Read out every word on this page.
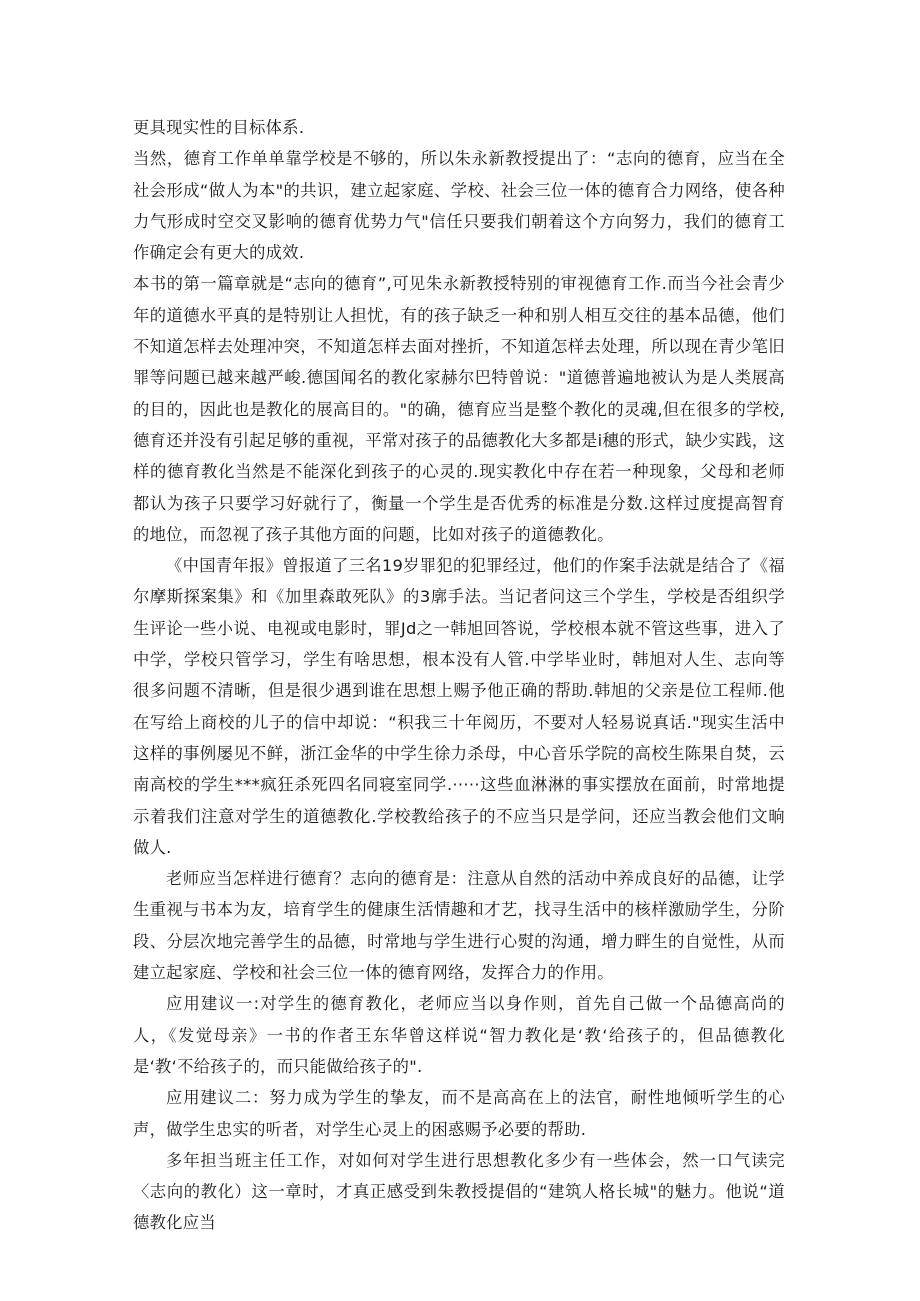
更具现实性的目标体系.

当然，德育工作单单靠学校是不够的，所以朱永新教授提出了：“志向的德育，应当在全社会形成“做人为本"的共识，建立起家庭、学校、社会三位一体的德育合力网络，使各种力气形成时空交叉影响的德育优势力气"信任只要我们朝着这个方向努力，我们的德育工作确定会有更大的成效.

本书的第一篇章就是“志向的德育”,可见朱永新教授特别的审视德育工作.而当今社会青少年的道德水平真的是特别让人担忧，有的孩子缺乏一种和别人相互交往的基本品德，他们不知道怎样去处理冲突，不知道怎样去面对挫折，不知道怎样去处理，所以现在青少笔旧罪等问题已越来越严峻.德国闻名的教化家赫尔巴特曾说："道德普遍地被认为是人类展高的目的，因此也是教化的展高目的。"的确，德育应当是整个教化的灵魂,但在很多的学校,德育还并没有引起足够的重视，平常对孩子的品德教化大多都是i穗的形式，缺少实践，这样的德育教化当然是不能深化到孩子的心灵的.现实教化中存在若一种现象，父母和老师都认为孩子只要学习好就行了，衡量一个学生是否优秀的标准是分数.这样过度提高智育的地位，而忽视了孩子其他方面的问题，比如对孩子的道德教化。

《中国青年报》曾报道了三名19岁罪犯的犯罪经过，他们的作案手法就是结合了《福尔摩斯探案集》和《加里森敢死队》的3廓手法。当记者问这三个学生，学校是否组织学生评论一些小说、电视或电影时，罪Jd之一韩旭回答说，学校根本就不管这些事，进入了中学，学校只管学习，学生有啥思想，根本没有人管.中学毕业时，韩旭对人生、志向等很多问题不清晰，但是很少遇到谁在思想上赐予他正确的帮助.韩旭的父亲是位工程师.他在写给上商校的儿子的信中却说：“积我三十年阅历，不要对人轻易说真话."现实生活中这样的事例屡见不鲜，浙江金华的中学生徐力杀母，中心音乐学院的高校生陈果自焚，云南高校的学生***疯狂杀死四名同寝室同学.·····这些血淋淋的事实摆放在面前，时常地提示着我们注意对学生的道德教化.学校教给孩子的不应当只是学问，还应当教会他们文晌做人.

老师应当怎样进行德育？志向的德育是：注意从自然的活动中养成良好的品德，让学生重视与书本为友，培育学生的健康生活情趣和才艺，找寻生活中的核样激励学生，分阶段、分层次地完善学生的品德，时常地与学生进行心熨的沟通，增力畔生的自觉性，从而建立起家庭、学校和社会三位一体的德育网络，发挥合力的作用。

应用建议一:对学生的德育教化，老师应当以身作则，首先自己做一个品德高尚的人，《发觉母亲》一书的作者王东华曾这样说“智力教化是‘教‘给孩子的，但品德教化是‘教‘不给孩子的，而只能做给孩子的".

应用建议二：努力成为学生的挚友，而不是高高在上的法官，耐性地倾听学生的心声，做学生忠实的听者，对学生心灵上的困惑赐予必要的帮助.

多年担当班主任工作，对如何对学生进行思想教化多少有一些体会，然一口气读完〈志向的教化）这一章时，才真正感受到朱教授提倡的“建筑人格长城"的魅力。他说“道德教化应当
